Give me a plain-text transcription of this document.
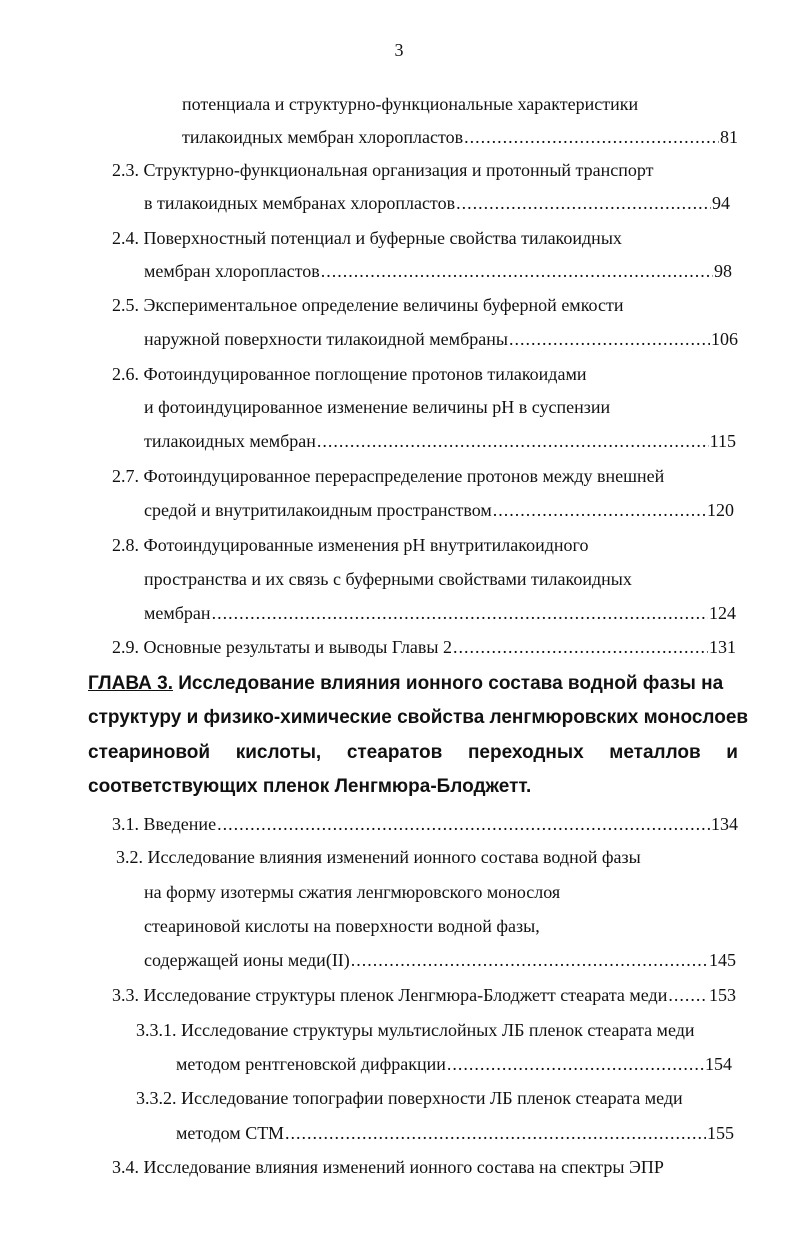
3
потенциала и структурно-функциональные характеристики
тилакоидных мембран хлоропластов .....	81
2.3. Структурно-функциональная организация и протонный транспорт
в тилакоидных мембранах хлоропластов .....	94
2.4. Поверхностный потенциал и буферные свойства тилакоидных
мембран хлоропластов .....	98
2.5. Экспериментальное определение величины буферной емкости
наружной поверхности тилакоидной мембраны .....	106
2.6. Фотоиндуцированное поглощение протонов тилакоидами
и фотоиндуцированное изменение величины pH в суспензии
тилакоидных мембран .....	115
2.7. Фотоиндуцированное перераспределение протонов между внешней
средой и внутритилакоидным пространством .....	120
2.8. Фотоиндуцированные изменения pH внутритилакоидного
пространства и их связь с буферными свойствами тилакоидных
мембран .....	124
2.9. Основные результаты и выводы Главы 2 .....	131
ГЛАВА 3. Исследование влияния ионного состава водной фазы на
структуру и физико-химические свойства ленгмюровских монослоев
стеариновой кислоты, стеаратов переходных металлов и
соответствующих пленок Ленгмюра-Блоджетт.
3.1. Введение .....	134
3.2. Исследование влияния изменений ионного состава водной фазы
на форму изотермы сжатия ленгмюровского монослоя
стеариновой кислоты на поверхности водной фазы,
содержащей ионы меди(II) .....	145
3.3. Исследование структуры пленок Ленгмюра-Блоджетт стеарата меди ..... 153
3.3.1. Исследование структуры мультислойных ЛБ пленок стеарата меди
методом рентгеновской дифракции .....	154
3.3.2. Исследование топографии поверхности ЛБ пленок стеарата меди
методом СТМ .....	155
3.4. Исследование влияния изменений ионного состава на спектры ЭПР
